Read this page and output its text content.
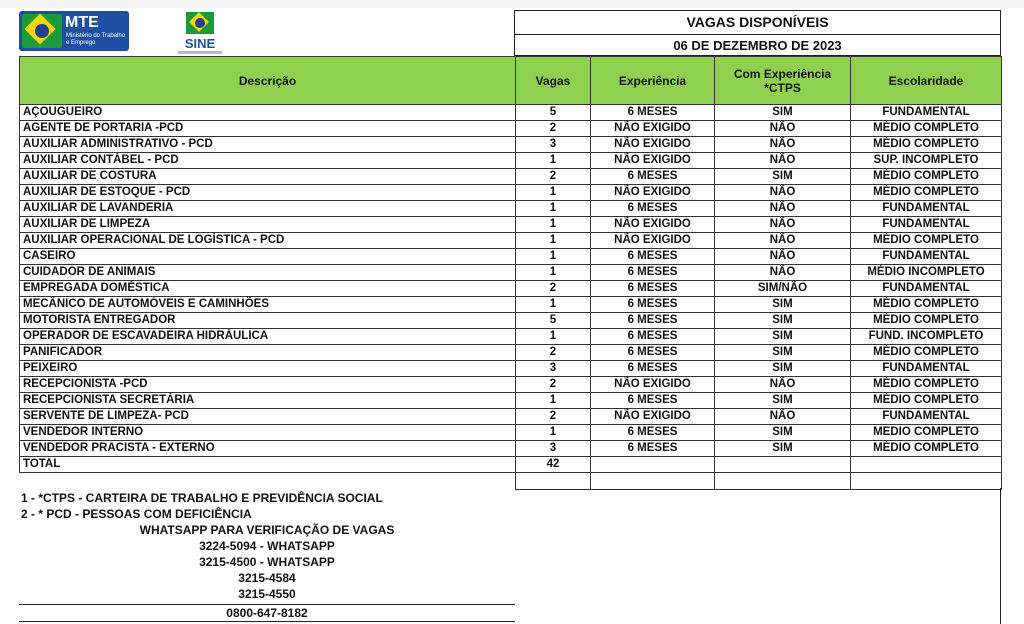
MTE
Ministério do Trabalho e Emprego	SINE
VAGAS DISPONÍVEIS
06 DE DEZEMBRO DE 2023
Descrição	Vagas	Experiência	Com Experiência *CTPS	Escolaridade
AÇOUGUEIRO	5	6 MESES	SIM	FUNDAMENTAL
AGENTE DE PORTARIA -PCD	2	NÃO EXIGIDO	NÃO	MÉDIO COMPLETO
AUXILIAR ADMINISTRATIVO - PCD	3	NÃO EXIGIDO	NÃO	MÉDIO COMPLETO
AUXILIAR CONTÁBEL - PCD	1	NÃO EXIGIDO	NÃO	SUP. INCOMPLETO
AUXILIAR DE COSTURA	2	6 MESES	SIM	MÉDIO COMPLETO
AUXILIAR DE ESTOQUE - PCD	1	NÃO EXIGIDO	NÃO	MÉDIO COMPLETO
AUXILIAR DE LAVANDERIA	1	6 MESES	NÃO	FUNDAMENTAL
AUXILIAR DE LIMPEZA	1	NÃO EXIGIDO	NÃO	FUNDAMENTAL
AUXILIAR OPERACIONAL DE LOGÍSTICA - PCD	1	NÃO EXIGIDO	NÃO	MÉDIO COMPLETO
CASEIRO	1	6 MESES	NÃO	FUNDAMENTAL
CUIDADOR DE ANIMAIS	1	6 MESES	NÃO	MÉDIO INCOMPLETO
EMPREGADA DOMÉSTICA	2	6 MESES	SIM/NÃO	FUNDAMENTAL
MECÂNICO DE AUTOMÓVEIS E CAMINHÕES	1	6 MESES	SIM	MÉDIO COMPLETO
MOTORISTA ENTREGADOR	5	6 MESES	SIM	MÉDIO COMPLETO
OPERADOR DE ESCAVADEIRA HIDRÁULICA	1	6 MESES	SIM	FUND. INCOMPLETO
PANIFICADOR	2	6 MESES	SIM	MÉDIO COMPLETO
PEIXEIRO	3	6 MESES	SIM	FUNDAMENTAL
RECEPCIONISTA -PCD	2	NÃO EXIGIDO	NÃO	MÉDIO COMPLETO
RECEPCIONISTA SECRETÁRIA	1	6 MESES	SIM	MÉDIO COMPLETO
SERVENTE DE LIMPEZA- PCD	2	NÃO EXIGIDO	NÃO	FUNDAMENTAL
VENDEDOR INTERNO	1	6 MESES	SIM	MEDIO COMPLETO
VENDEDOR PRACISTA - EXTERNO	3	6 MESES	SIM	MÉDIO COMPLETO
TOTAL	42			

1 - *CTPS - CARTEIRA DE TRABALHO E PREVIDÊNCIA SOCIAL
2 - * PCD - PESSOAS COM DEFICIÊNCIA
WHATSAPP PARA VERIFICAÇÃO DE VAGAS
3224-5094 - WHATSAPP
3215-4500 - WHATSAPP
3215-4584
3215-4550
0800-647-8182
